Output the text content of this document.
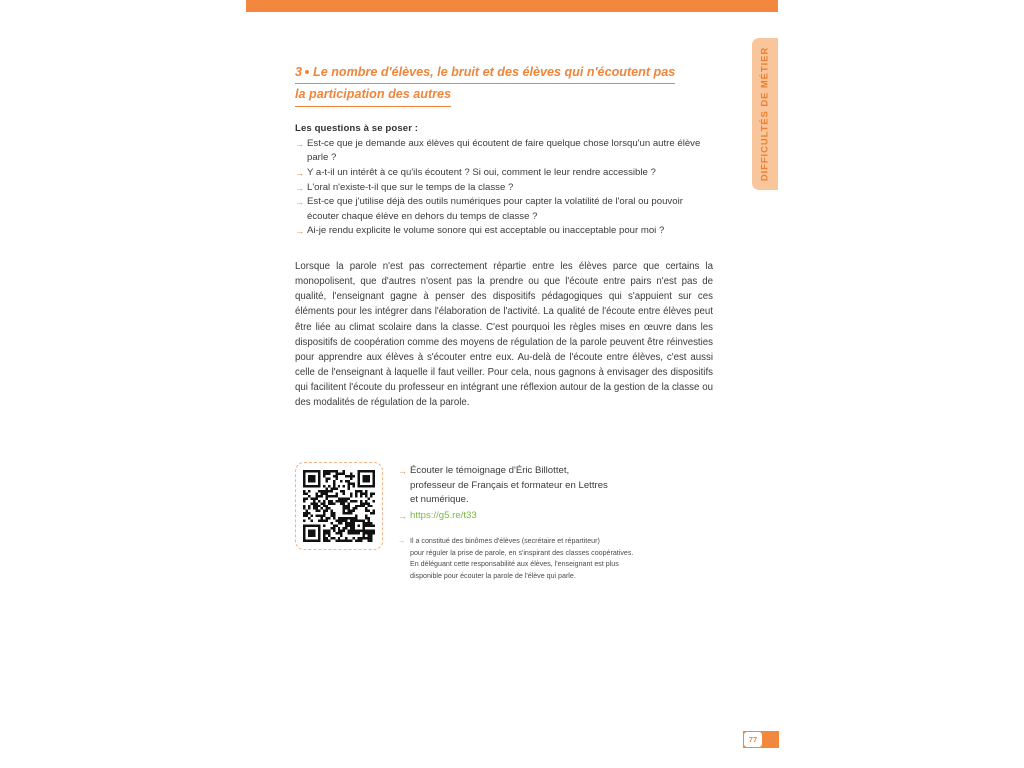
DIFFICULTÉS DE MÉTIER
3 Le nombre d'élèves, le bruit et des élèves qui n'écoutent pas
la participation des autres

Les questions à se poser :

→ Est-ce que je demande aux élèves qui écoutent de faire quelque chose lorsqu'un autre élève parle ?
→ Y a-t-il un intérêt à ce qu'ils écoutent ? Si oui, comment le leur rendre accessible ?
→ L'oral n'existe-t-il que sur le temps de la classe ?
→ Est-ce que j'utilise déjà des outils numériques pour capter la volatilité de l'oral ou pouvoir écouter chaque élève en dehors du temps de classe ?
→ Ai-je rendu explicite le volume sonore qui est acceptable ou inacceptable pour moi ?

Lorsque la parole n'est pas correctement répartie entre les élèves parce que certains la monopolisent, que d'autres n'osent pas la prendre ou que l'écoute entre pairs n'est pas de qualité, l'enseignant gagne à penser des dispositifs pédagogiques qui s'appuient sur ces éléments pour les intégrer dans l'élaboration de l'activité. La qualité de l'écoute entre élèves peut être liée au climat scolaire dans la classe. C'est pourquoi les règles mises en œuvre dans les dispositifs de coopération comme des moyens de régulation de la parole peuvent être réinvesties pour apprendre aux élèves à s'écouter entre eux. Au-delà de l'écoute entre élèves, c'est aussi celle de l'enseignant à laquelle il faut veiller. Pour cela, nous gagnons à envisager des dispositifs qui facilitent l'écoute du professeur en intégrant une réflexion autour de la gestion de la classe ou des modalités de régulation de la parole.

→ Écouter le témoignage d'Éric Billottet,
professeur de Français et formateur en Lettres
et numérique.
→ https://g5.re/t33
→ Il a constitué des binômes d'élèves (secrétaire et répartiteur)
pour réguler la prise de parole, en s'inspirant des classes coopératives.
En déléguant cette responsabilité aux élèves, l'enseignant est plus
disponible pour écouter la parole de l'élève qui parle.
77
